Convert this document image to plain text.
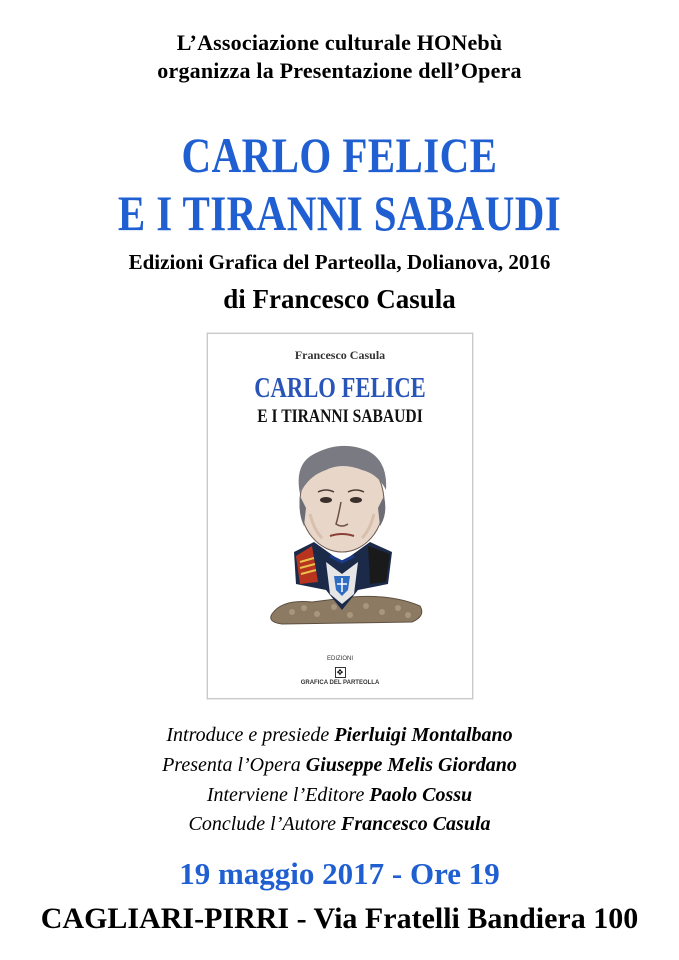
L’Associazione culturale HONebù
organizza la Presentazione dell’Opera
CARLO FELICE
E I TIRANNI SABAUDI
Edizioni Grafica del Parteolla, Dolianova, 2016
di Francesco Casula
Francesco Casula
CARLO FELICE
E I TIRANNI SABAUDI
EDIZIONI
✥
GRAFICA DEL PARTEOLLA
Introduce e presiede Pierluigi Montalbano
Presenta l’Opera Giuseppe Melis Giordano
Interviene l’Editore Paolo Cossu
Conclude l’Autore Francesco Casula
19 maggio 2017 - Ore 19
CAGLIARI-PIRRI - Via Fratelli Bandiera 100
